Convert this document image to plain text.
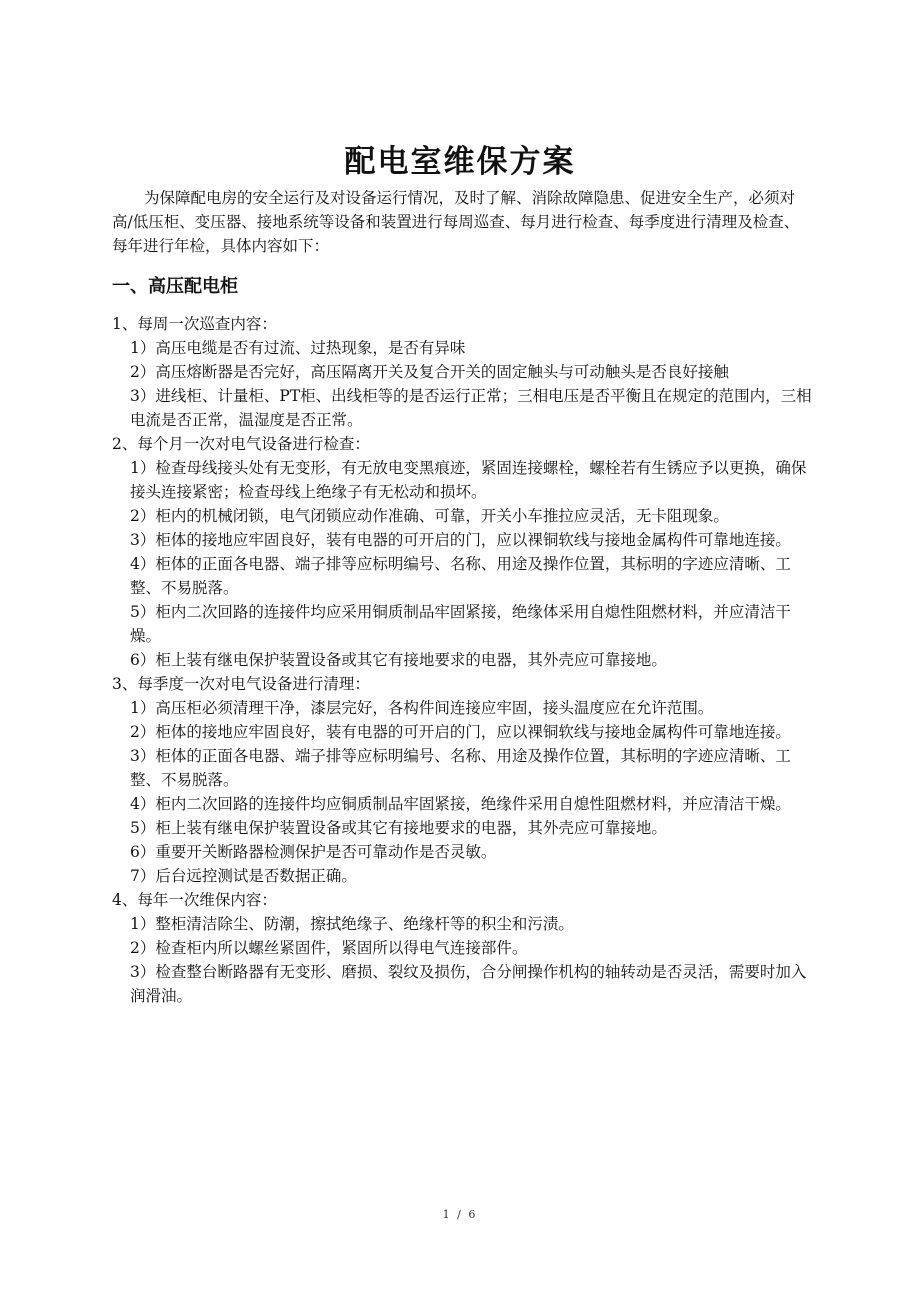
配电室维保方案

为保障配电房的安全运行及对设备运行情况，及时了解、消除故障隐患、促进安全生产，必须对高/低压柜、变压器、接地系统等设备和装置进行每周巡查、每月进行检查、每季度进行清理及检查、每年进行年检，具体内容如下：

一、高压配电柜

1、每周一次巡查内容：

1）高压电缆是否有过流、过热现象，是否有异味

2）高压熔断器是否完好，高压隔离开关及复合开关的固定触头与可动触头是否良好接触

3）进线柜、计量柜、PT柜、出线柜等的是否运行正常；三相电压是否平衡且在规定的范围内，三相电流是否正常，温湿度是否正常。

2、每个月一次对电气设备进行检查：

1）检查母线接头处有无变形，有无放电变黑痕迹，紧固连接螺栓，螺栓若有生锈应予以更换，确保接头连接紧密；检查母线上绝缘子有无松动和损坏。

2）柜内的机械闭锁，电气闭锁应动作准确、可靠，开关小车推拉应灵活，无卡阻现象。

3）柜体的接地应牢固良好，装有电器的可开启的门，应以裸铜软线与接地金属构件可靠地连接。

4）柜体的正面各电器、端子排等应标明编号、名称、用途及操作位置，其标明的字迹应清晰、工整、不易脱落。

5）柜内二次回路的连接件均应采用铜质制品牢固紧接，绝缘体采用自熄性阻燃材料，并应清洁干燥。

6）柜上装有继电保护装置设备或其它有接地要求的电器，其外壳应可靠接地。

3、每季度一次对电气设备进行清理：

1）高压柜必须清理干净，漆层完好，各构件间连接应牢固，接头温度应在允许范围。

2）柜体的接地应牢固良好，装有电器的可开启的门，应以裸铜软线与接地金属构件可靠地连接。

3）柜体的正面各电器、端子排等应标明编号、名称、用途及操作位置，其标明的字迹应清晰、工整、不易脱落。

4）柜内二次回路的连接件均应铜质制品牢固紧接，绝缘件采用自熄性阻燃材料，并应清洁干燥。

5）柜上装有继电保护装置设备或其它有接地要求的电器，其外壳应可靠接地。

6）重要开关断路器检测保护是否可靠动作是否灵敏。

7）后台远控测试是否数据正确。

4、每年一次维保内容：

1）整柜清洁除尘、防潮，擦拭绝缘子、绝缘杆等的积尘和污渍。

2）检查柜内所以螺丝紧固件，紧固所以得电气连接部件。

3）检查整台断路器有无变形、磨损、裂纹及损伤，合分闸操作机构的轴转动是否灵活，需要时加入润滑油。

1 / 6
